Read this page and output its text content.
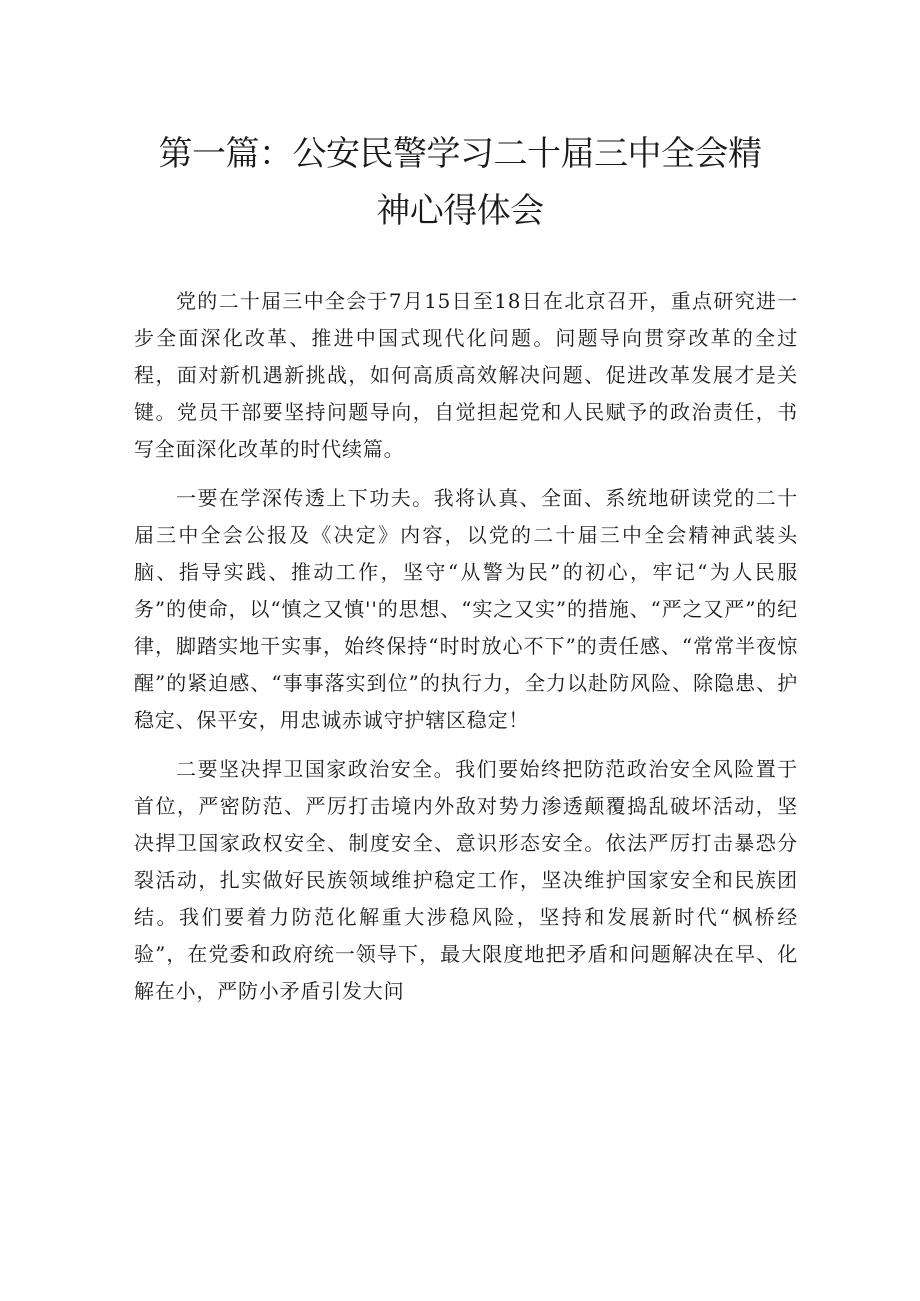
第一篇：公安民警学习二十届三中全会精
神心得体会

党的二十届三中全会于7月15日至18日在北京召开，重点研究进一步全面深化改革、推进中国式现代化问题。问题导向贯穿改革的全过程，面对新机遇新挑战，如何高质高效解决问题、促进改革发展才是关键。党员干部要坚持问题导向，自觉担起党和人民赋予的政治责任，书写全面深化改革的时代续篇。

一要在学深传透上下功夫。我将认真、全面、系统地研读党的二十届三中全会公报及《决定》内容，以党的二十届三中全会精神武装头脑、指导实践、推动工作，坚守“从警为民”的初心，牢记“为人民服务”的使命，以“慎之又慎''的思想、“实之又实”的措施、“严之又严”的纪律，脚踏实地干实事，始终保持“时时放心不下”的责任感、“常常半夜惊醒”的紧迫感、“事事落实到位”的执行力，全力以赴防风险、除隐患、护稳定、保平安，用忠诚赤诚守护辖区稳定！

二要坚决捍卫国家政治安全。我们要始终把防范政治安全风险置于首位，严密防范、严厉打击境内外敌对势力渗透颠覆捣乱破坏活动，坚决捍卫国家政权安全、制度安全、意识形态安全。依法严厉打击暴恐分裂活动，扎实做好民族领域维护稳定工作，坚决维护国家安全和民族团结。我们要着力防范化解重大涉稳风险，坚持和发展新时代“枫桥经验”，在党委和政府统一领导下，最大限度地把矛盾和问题解决在早、化解在小，严防小矛盾引发大问
